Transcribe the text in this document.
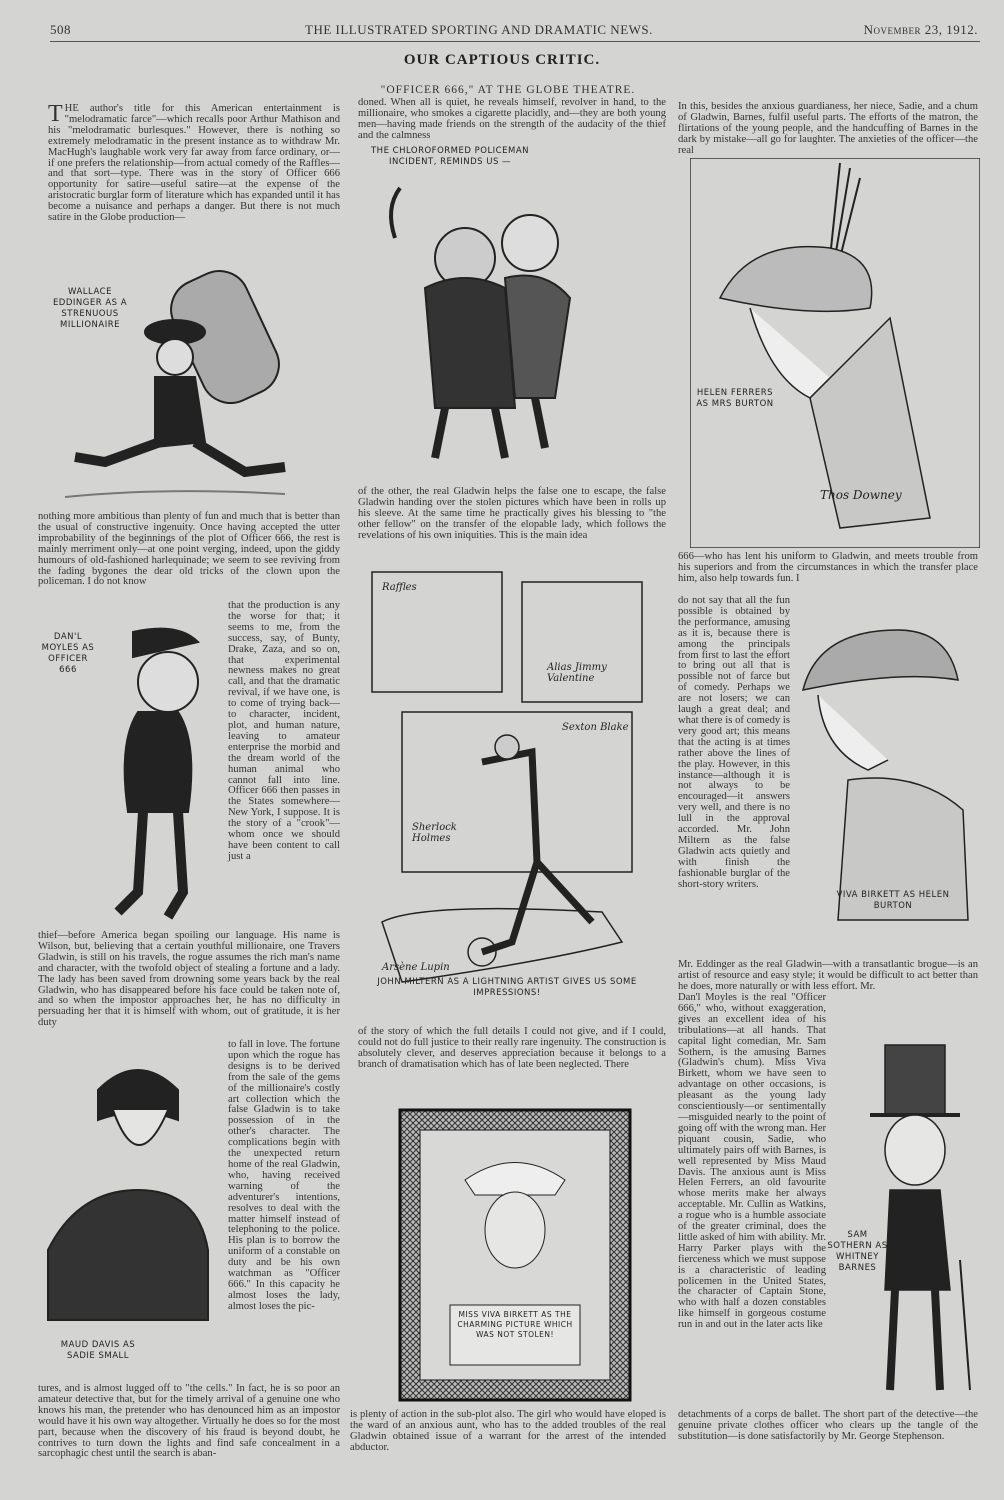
508	THE ILLUSTRATED SPORTING AND DRAMATIC NEWS.	November 23, 1912.
OUR CAPTIOUS CRITIC.
THE author's title for this American entertainment is "melodramatic farce"—which recalls poor Arthur Mathison and his "melodramatic burlesques." However, there is nothing so extremely melodramatic in the present instance as to withdraw Mr. MacHugh's laughable work very far away from farce ordinary, or—if one prefers the relationship—from actual comedy of the Raffles—and that sort—type. There was in the story of Officer 666 opportunity for satire—useful satire—at the expense of the aristocratic burglar form of literature which has expanded until it has become a nuisance and perhaps a danger. But there is not much satire in the Globe production—
WALLACE EDDINGER AS A STRENUOUS MILLIONAIRE
nothing more ambitious than plenty of fun and much that is better than the usual of constructive ingenuity. Once having accepted the utter improbability of the beginnings of the plot of Officer 666, the rest is mainly merriment only—at one point verging, indeed, upon the giddy humours of old-fashioned harlequinade; we seem to see reviving from the fading bygones the dear old tricks of the clown upon the policeman. I do not know
that the production is any the worse for that; it seems to me, from the success, say, of Bunty, Drake, Zaza, and so on, that experimental newness makes no great call, and that the dramatic revival, if we have one, is to come of trying back—to character, incident, plot, and human nature, leaving to amateur enterprise the morbid and the dream world of the human animal who cannot fall into line. Officer 666 then passes in the States somewhere—New York, I suppose. It is the story of a "crook"—whom once we should have been content to call just a
DAN'L MOYLES AS OFFICER 666
thief—before America began spoiling our language. His name is Wilson, but, believing that a certain youthful millionaire, one Travers Gladwin, is still on his travels, the rogue assumes the rich man's name and character, with the twofold object of stealing a fortune and a lady. The lady has been saved from drowning some years back by the real Gladwin, who has disappeared before his face could be taken note of, and so when the impostor approaches her, he has no difficulty in persuading her that it is himself with whom, out of gratitude, it is her duty
to fall in love. The fortune upon which the rogue has designs is to be derived from the sale of the gems of the millionaire's costly art collection which the false Gladwin is to take possession of in the other's character. The complications begin with the unexpected return home of the real Gladwin, who, having received warning of the adventurer's intentions, resolves to deal with the matter himself instead of telephoning to the police. His plan is to borrow the uniform of a constable on duty and be his own watchman as "Officer 666." In this capacity he almost loses the lady, almost loses the pic-
MAUD DAVIS AS SADIE SMALL
tures, and is almost lugged off to "the cells." In fact, he is so poor an amateur detective that, but for the timely arrival of a genuine one who knows his man, the pretender who has denounced him as an impostor would have it his own way altogether. Virtually he does so for the most part, because when the discovery of his fraud is beyond doubt, he contrives to turn down the lights and find safe concealment in a sarcophagic chest until the search is aban-
"OFFICER 666," AT THE GLOBE THEATRE.
doned. When all is quiet, he reveals himself, revolver in hand, to the millionaire, who smokes a cigarette placidly, and—they are both young men—having made friends on the strength of the audacity of the thief and the calmness
THE CHLOROFORMED POLICEMAN INCIDENT, REMINDS US —
of the other, the real Gladwin helps the false one to escape, the false Gladwin handing over the stolen pictures which have been in rolls up his sleeve. At the same time he practically gives his blessing to "the other fellow" on the transfer of the elopable lady, which follows the revelations of his own iniquities. This is the main idea
Raffles
Alias Jimmy Valentine
Sexton Blake
Sherlock Holmes
Arsène Lupin
JOHN MILTERN AS A LIGHTNING ARTIST GIVES US SOME IMPRESSIONS!
of the story of which the full details I could not give, and if I could, could not do full justice to their really rare ingenuity. The construction is absolutely clever, and deserves appreciation because it belongs to a branch of dramatisation which has of late been neglected. There
MISS VIVA BIRKETT AS THE CHARMING PICTURE WHICH WAS NOT STOLEN!
is plenty of action in the sub-plot also. The girl who would have eloped is the ward of an anxious aunt, who has to the added troubles of the real Gladwin obtained issue of a warrant for the arrest of the intended abductor.
In this, besides the anxious guardianess, her niece, Sadie, and a chum of Gladwin, Barnes, fulfil useful parts. The efforts of the matron, the flirtations of the young people, and the handcuffing of Barnes in the dark by mistake—all go for laughter. The anxieties of the officer—the real
HELEN FERRERS AS MRS BURTON
Thos Downey
666—who has lent his uniform to Gladwin, and meets trouble from his superiors and from the circumstances in which the transfer place him, also help towards fun. I
do not say that all the fun possible is obtained by the performance, amusing as it is, because there is among the principals from first to last the effort to bring out all that is possible not of farce but of comedy. Perhaps we are not losers; we can laugh a great deal; and what there is of comedy is very good art; this means that the acting is at times rather above the lines of the play. However, in this instance—although it is not always to be encouraged—it answers very well, and there is no lull in the approval accorded. Mr. John Miltern as the false Gladwin acts quietly and with finish the fashionable burglar of the short-story writers.
VIVA BIRKETT AS HELEN BURTON
Mr. Eddinger as the real Gladwin—with a transatlantic brogue—is an artist of resource and easy style; it would be difficult to act better than he does, more naturally or with less effort. Mr.
Dan'l Moyles is the real "Officer 666," who, without exaggeration, gives an excellent idea of his tribulations—at all hands. That capital light comedian, Mr. Sam Sothern, is the amusing Barnes (Gladwin's chum). Miss Viva Birkett, whom we have seen to advantage on other occasions, is pleasant as the young lady conscientiously—or sentimentally—misguided nearly to the point of going off with the wrong man. Her piquant cousin, Sadie, who ultimately pairs off with Barnes, is well represented by Miss Maud Davis. The anxious aunt is Miss Helen Ferrers, an old favourite whose merits make her always acceptable. Mr. Cullin as Watkins, a rogue who is a humble associate of the greater criminal, does the little asked of him with ability. Mr. Harry Parker plays with the fierceness which we must suppose is a characteristic of leading policemen in the United States, the character of Captain Stone, who with half a dozen constables like himself in gorgeous costume run in and out in the later acts like
SAM SOTHERN AS WHITNEY BARNES
detachments of a corps de ballet. The short part of the detective—the genuine private clothes officer who clears up the tangle of the substitution—is done satisfactorily by Mr. George Stephenson.
